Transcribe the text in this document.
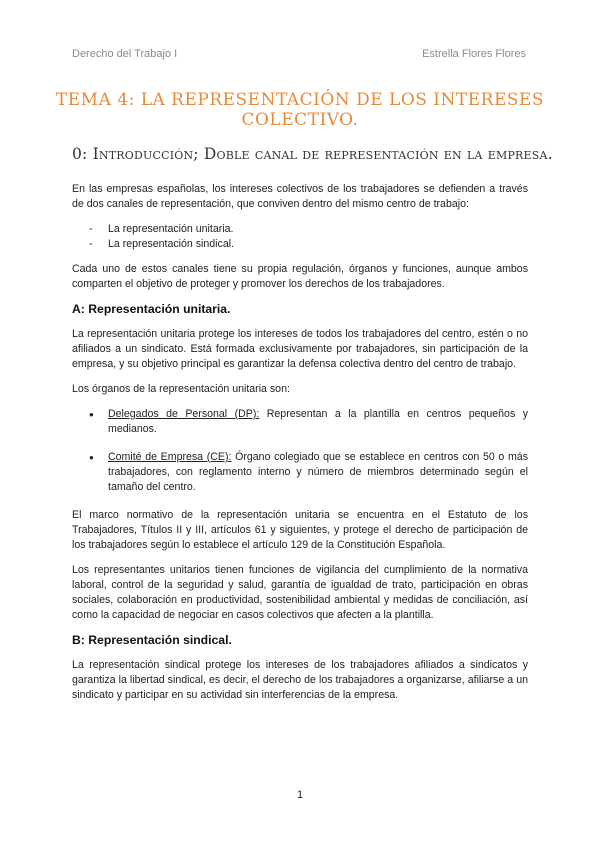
Derecho del Trabajo I	Estrella Flores Flores
TEMA 4: LA REPRESENTACIÓN DE LOS INTERESES COLECTIVO.
0: Introducción; Doble canal de representación en la empresa.

En las empresas españolas, los intereses colectivos de los trabajadores se defienden a través de dos canales de representación, que conviven dentro del mismo centro de trabajo:

- La representación unitaria.
- La representación sindical.

Cada uno de estos canales tiene su propia regulación, órganos y funciones, aunque ambos comparten el objetivo de proteger y promover los derechos de los trabajadores.

A: Representación unitaria.

La representación unitaria protege los intereses de todos los trabajadores del centro, estén o no afiliados a un sindicato. Está formada exclusivamente por trabajadores, sin participación de la empresa, y su objetivo principal es garantizar la defensa colectiva dentro del centro de trabajo.

Los órganos de la representación unitaria son:

● Delegados de Personal (DP): Representan a la plantilla en centros pequeños y medianos.
● Comité de Empresa (CE): Órgano colegiado que se establece en centros con 50 o más trabajadores, con reglamento interno y número de miembros determinado según el tamaño del centro.

El marco normativo de la representación unitaria se encuentra en el Estatuto de los Trabajadores, Títulos II y III, artículos 61 y siguientes, y protege el derecho de participación de los trabajadores según lo establece el artículo 129 de la Constitución Española.

Los representantes unitarios tienen funciones de vigilancia del cumplimiento de la normativa laboral, control de la seguridad y salud, garantía de igualdad de trato, participación en obras sociales, colaboración en productividad, sostenibilidad ambiental y medidas de conciliación, así como la capacidad de negociar en casos colectivos que afecten a la plantilla.

B: Representación sindical.

La representación sindical protege los intereses de los trabajadores afiliados a sindicatos y garantiza la libertad sindical, es decir, el derecho de los trabajadores a organizarse, afiliarse a un sindicato y participar en su actividad sin interferencias de la empresa.

1
